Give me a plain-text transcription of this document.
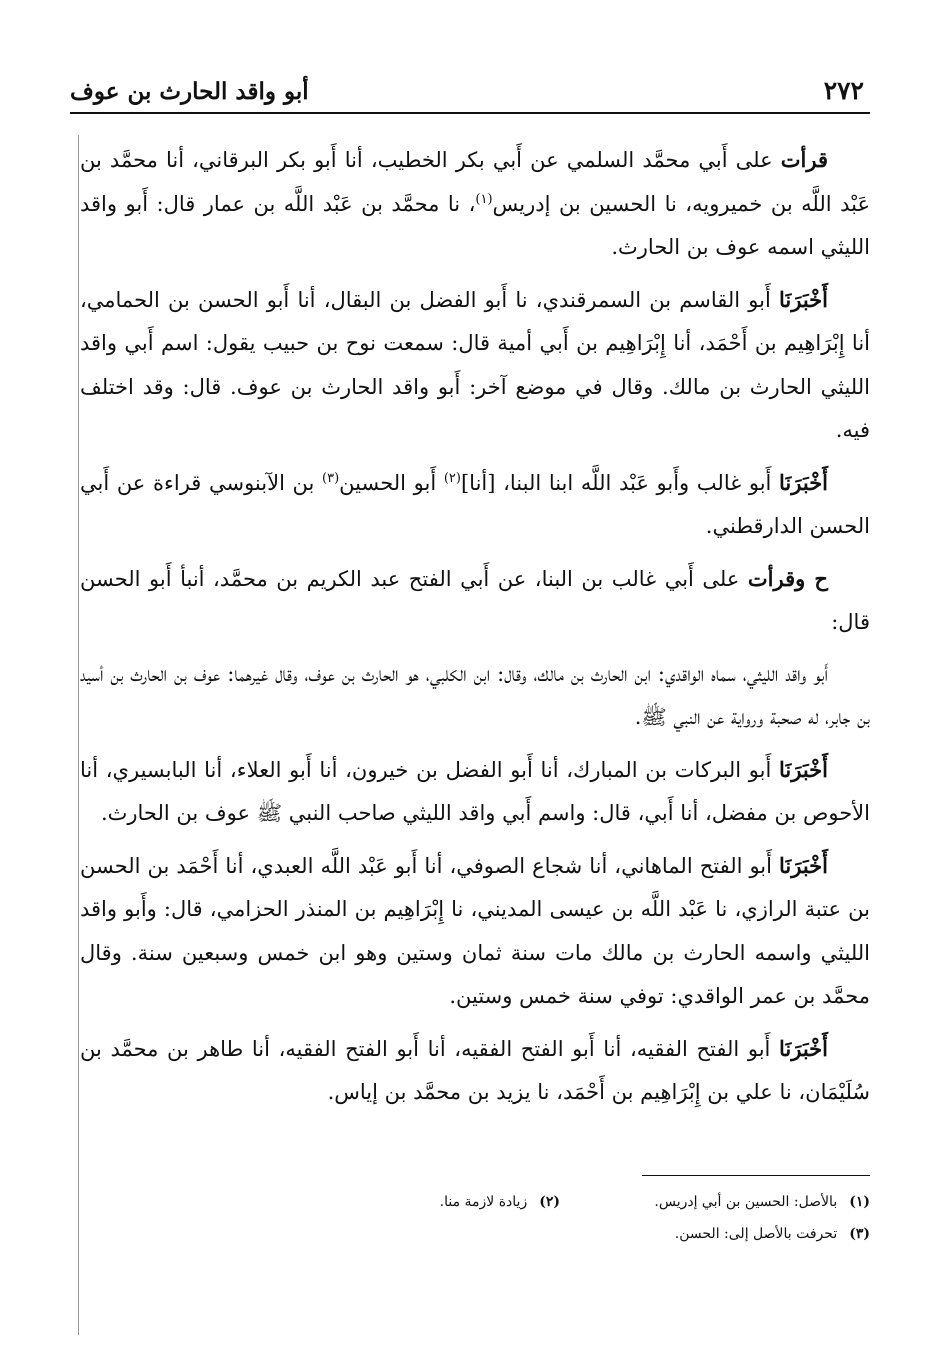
٢٧٢
أبو واقد الحارث بن عوف

قرأت على أَبي محمَّد السلمي عن أَبي بكر الخطيب، أنا أَبو بكر البرقاني، أنا محمَّد بن عَبْد اللَّه بن خميرويه، نا الحسين بن إدريس$^{(١)}$، نا محمَّد بن عَبْد اللَّه بن عمار قال: أَبو واقد الليثي اسمه عوف بن الحارث.

أَخْبَرَنَا أَبو القاسم بن السمرقندي، نا أَبو الفضل بن البقال، أنا أَبو الحسن بن الحمامي، أنا إِبْرَاهِيم بن أَحْمَد، أنا إِبْرَاهِيم بن أَبي أمية قال: سمعت نوح بن حبيب يقول: اسم أَبي واقد الليثي الحارث بن مالك. وقال في موضع آخر: أَبو واقد الحارث بن عوف. قال: وقد اختلف فيه.

أَخْبَرَنَا أَبو غالب وأَبو عَبْد اللَّه ابنا البنا، [أنا]$^{(٢)}$ أَبو الحسين$^{(٣)}$ بن الآبنوسي قراءة عن أَبي الحسن الدارقطني.

ح وقرأت على أَبي غالب بن البنا، عن أَبي الفتح عبد الكريم بن محمَّد، أنبأ أَبو الحسن قال:

أَبو واقد الليثي، سماه الواقدي: ابن الحارث بن مالك، وقال: ابن الكلبي، هو الحارث بن عوف، وقال غيرهما: عوف بن الحارث بن أسيد بن جابر، له صحبة ورواية عن النبي ﷺ.

أَخْبَرَنَا أَبو البركات بن المبارك، أنا أَبو الفضل بن خيرون، أنا أَبو العلاء، أنا البابسيري، أنا الأحوص بن مفضل، أنا أَبي، قال: واسم أَبي واقد الليثي صاحب النبي ﷺ عوف بن الحارث.

أَخْبَرَنَا أَبو الفتح الماهاني، أنا شجاع الصوفي، أنا أَبو عَبْد اللَّه العبدي، أنا أَحْمَد بن الحسن بن عتبة الرازي، نا عَبْد اللَّه بن عيسى المديني، نا إِبْرَاهِيم بن المنذر الحزامي، قال: وأَبو واقد الليثي واسمه الحارث بن مالك مات سنة ثمان وستين وهو ابن خمس وسبعين سنة. وقال محمَّد بن عمر الواقدي: توفي سنة خمس وستين.

أَخْبَرَنَا أَبو الفتح الفقيه، أنا أَبو الفتح الفقيه، أنا أَبو الفتح الفقيه، أنا طاهر بن محمَّد بن سُلَيْمَان، نا علي بن إِبْرَاهِيم بن أَحْمَد، نا يزيد بن محمَّد بن إياس.

(١)
بالأصل: الحسين بن أبي إدريس.
(٢)
زيادة لازمة منا.
(٣)
تحرفت بالأصل إلى: الحسن.
